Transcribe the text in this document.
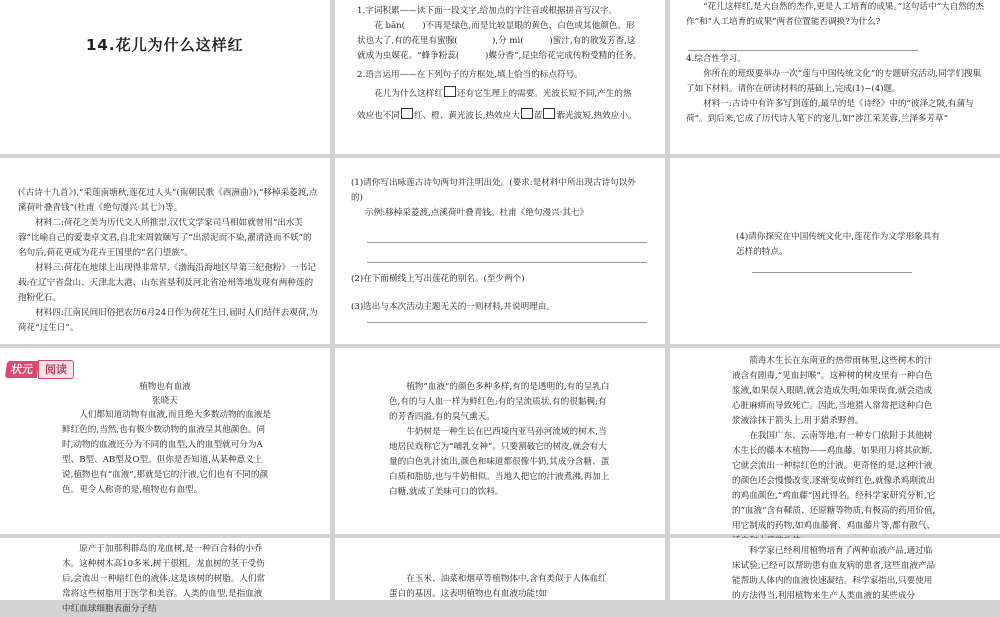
14.花儿为什么这样红
1.字词积累——读下面一段文字,给加点的字注音或根据拼音写汉字。

花 bān(　　)不再是绿色,而是比较显眼的黄色、白色或其他颜色。形状也大了,有的花里有蜜腺(　　　　),分 mì(　　　)蜜汁,有的散发芳香,这就成为虫媒花。“蜂争粉蕊(　　　)蝶分香”,昆虫给花完成传粉受精的任务。

2.语言运用——在下列句子的方框处,填上恰当的标点符号。

花儿为什么这样红 还有它生理上的需要。光波长短不同,产生的热

效应也不同 红、橙、黄光波长,热效应大 蓝 紫光波短,热效应小。

“花儿这样红,是大自然的杰作,更是人工培育的成果。”这句话中“大自然的杰作”和“人工培育的成果”两者位置能否调换?为什么?

4.综合性学习。

你所在的班级要举办一次“莲与中国传统文化”的专题研究活动,同学们搜集了如下材料。请你在研读材料的基础上,完成(1)~(4)题。

材料一:古诗中有许多写到莲的,最早的是《诗经》中的“彼泽之陂,有蒲与荷”。到后来,它成了历代诗人笔下的宠儿,如“涉江采芙蓉,兰泽多芳草”

(《古诗十九首》),“采莲南塘秋,莲花过人头”(南朝民歌《西洲曲》),“移棹采菱渡,点溪荷叶叠青钱”(杜甫《绝句漫兴·其七》)等。

材料二:荷花之美为历代文人所推崇,汉代文学家司马相如就曾用“出水芙蓉”比喻自己的爱妻卓文君,自北宋周敦颐写了“出淤泥而不染,濯清涟而不妖”的名句后,荷花更成为花卉王国里的“名门望族”。

材料三:荷花在地球上出现得非常早,《渤海沿海地区早第三纪孢粉》一书记载:在辽宁省盘山、天津北大港、山东省垦利及河北省沧州等地发现有两种莲的孢粉化石。

材料四:江南民间旧俗把农历6月24日作为荷花生日,届时人们结伴去观荷,为荷花“过生日”。

(1)请你写出咏莲古诗句两句并注明出处。(要求:是材料中所出现古诗句以外的)
示例:移棹采菱渡,点溪荷叶叠青钱。杜甫《绝句漫兴·其七》
(2)在下面横线上写出莲花的别名。(至少两个)
(3)选出与本次活动主题无关的一则材料,并说明理由。
(4)请你探究在中国传统文化中,莲花作为文学形象具有怎样的特点。
状元	阅读
植物也有血液
张晓天

人们都知道动物有血液,而且绝大多数动物的血液是鲜红色的,当然,也有极少数动物的血液呈其他颜色。同时,动物的血液还分为不同的血型,人的血型就可分为A型、B型、AB型及O型。但你是否知道,从某种意义上说,植物也有“血液”,那就是它的汁液,它们也有不同的颜色。更令人称奇的是,植物也有血型。

植物“血液”的颜色多种多样,有的是透明的,有的呈乳白色,有的与人血一样为鲜红色;有的呈流质状,有的很黏稠;有的芳香四溢,有的臭气熏天。

牛奶树是一种生长在巴西境内亚马孙河流域的树木,当地居民戏称它为“哺乳女神”。只要割破它的树皮,就会有大量的白色乳汁流出,颜色和味道都很像牛奶,其成分含糖、蛋白质和脂肪,也与牛奶相似。当地人把它的汁液煮沸,再加上白糖,就成了美味可口的饮料。

箭毒木生长在东南亚的热带雨林里,这些树木的汁液含有剧毒,“见血封喉”。这种树的树皮里有一种白色浆液,如果误入眼睛,就会造成失明;如果误食,就会造成心脏麻痹而导致死亡。因此,当地猎人常常把这种白色浆液涂抹于箭头上,用于猎杀野兽。

在我国广东、云南等地,有一种专门依附于其他树木生长的藤本木植物——鸡血藤。如果用刀将其砍断,它就会流出一种棕红色的汁液。更奇怪的是,这种汁液的颜色还会慢慢改变,逐渐变成鲜红色,就像杀鸡刚流出的鸡血颜色,“鸡血藤”因此得名。经科学家研究分析,它的“血液”含有鞣质、还原糖等物质,有极高的药用价值,用它制成的药物,如鸡血藤膏、鸡血藤片等,都有散气、

原产于加那利群岛的龙血树,是一种百合科的小乔木。这种树木高10多米,树干很粗。龙血树的茎干受伤后,会流出一种暗红色的液体,这是该树的树脂。人们常常将这些树脂用于医学和美容。人类的血型,是指血液中红血球细胞表面分子结

在玉米、油菜和烟草等植物体中,含有类似于人体血红蛋白的基因。这表明植物也有血液功能!如

科学家已经利用植物培育了两种血液产品,通过临床试验,已经可以帮助患有血友病的患者,这些血液产品能帮助人体内的血液快速凝结。科学家指出,只要使用的方法得当,利用植物来生产人类血液的某些成分
